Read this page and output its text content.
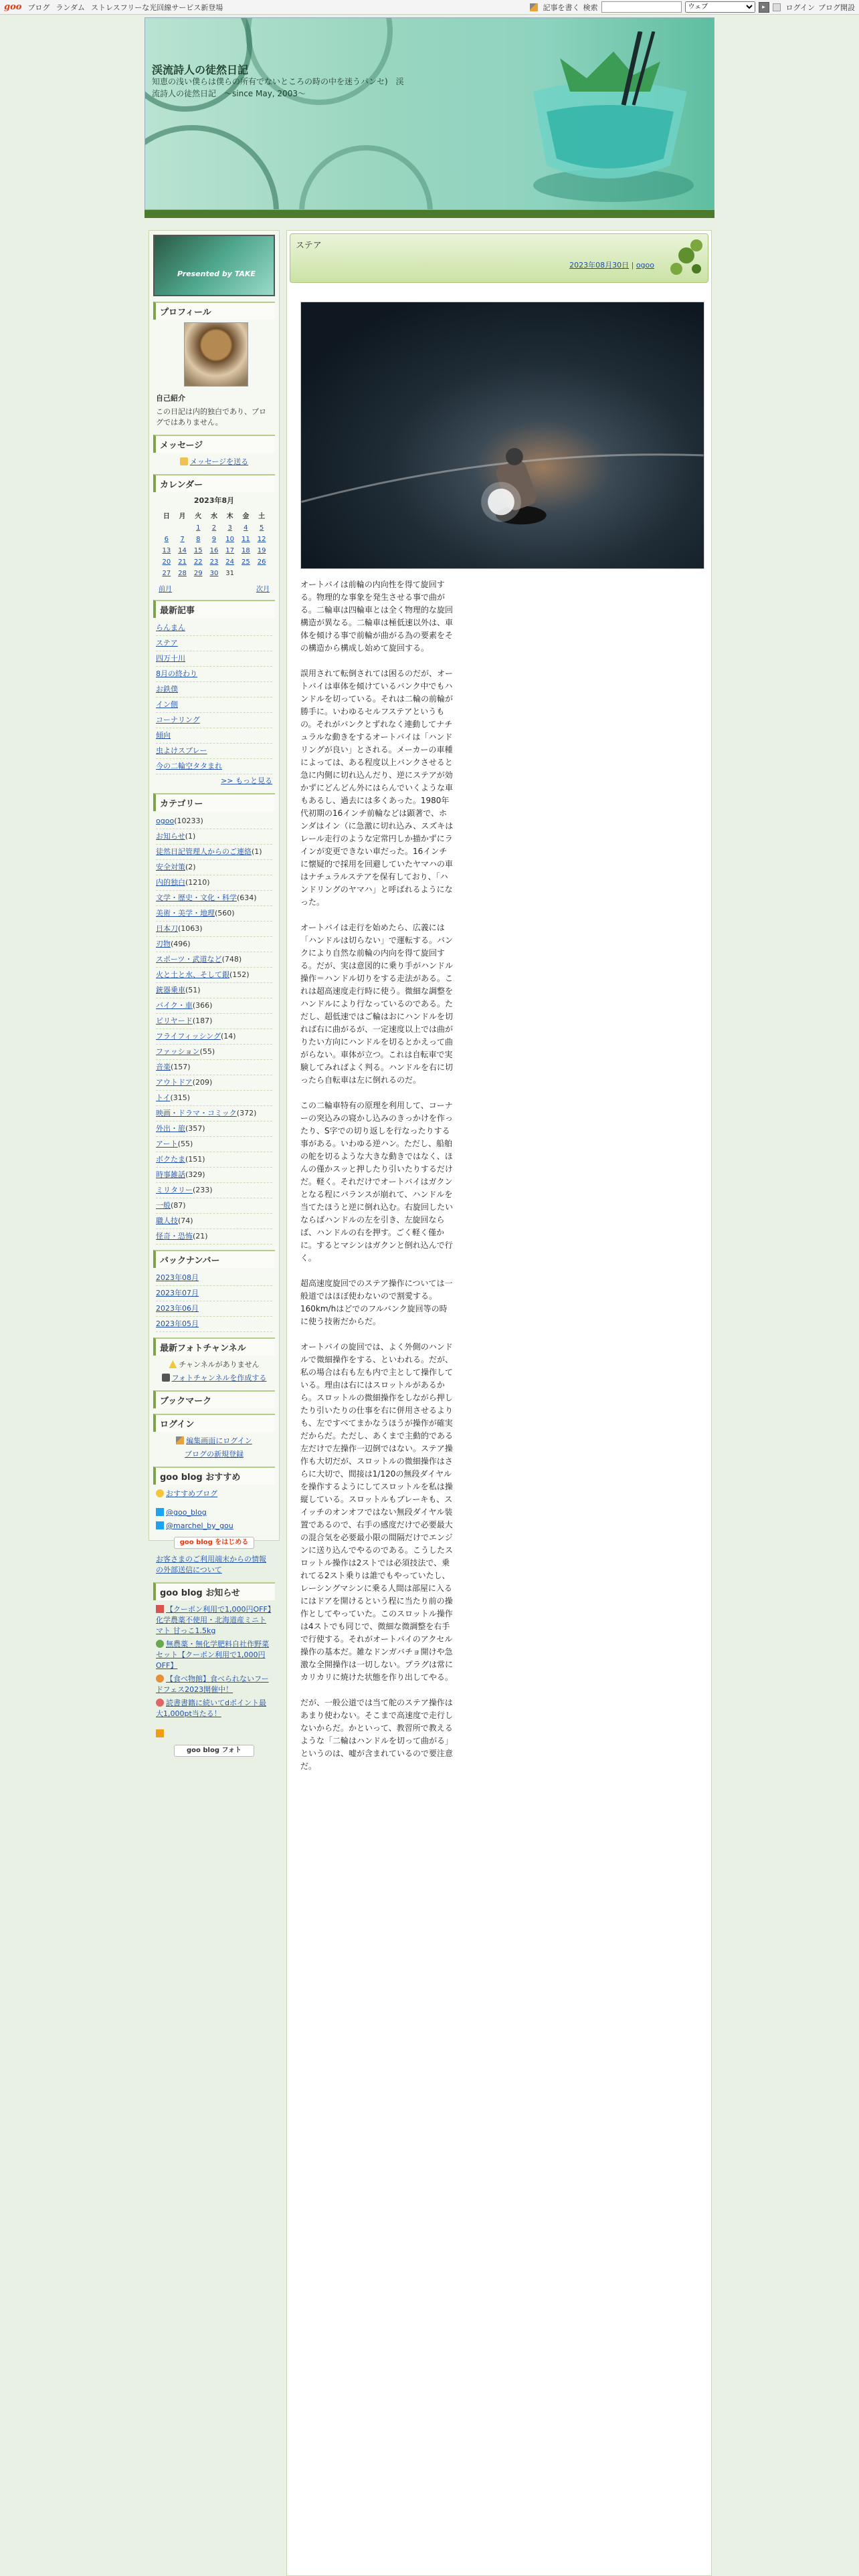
goo ブログ ランダム ストレスフリーな光回線サービス新登場	記事を書く 検索
ウェブ	▸	ログイン ブログ開設
渓流詩人の徒然日記
知恵の浅い僕らは僕らの所有でないところの時の中を迷うパンセ)　渓流詩人の徒然日記　〜since May, 2003〜
Presented by TAKE
プロフィール
自己紹介
この日記は内的独白であり、ブログではありません。
メッセージ
メッセージを送る
カレンダー
2023年8月
日	月	火	水	木	金	土
		1	2	3	4	5
6	7	8	9	10	11	12
13	14	15	16	17	18	19
20	21	22	23	24	25	26
27	28	29	30	31		
前月	次月
最新記事
らんまん
ステア
四万十川
8月の終わり
お鉄僕
イン側
コーナリング
傾向
虫よけスプレー
今の二輪空タタまれ
>> もっと見る
カテゴリー
ogoo(10233)
お知らせ(1)
徒然日記管理人からのご連絡(1)
安全対策(2)
内的独白(1210)
文学・歴史・文化・科学(634)
美術・美学・地理(560)
日本刀(1063)
刃物(496)
スポーツ・武道など(748)
火と土と水、そして銀(152)
銃器乗車(51)
バイク・車(366)
ビリヤード(187)
フライフィッシング(14)
ファッション(55)
音楽(157)
アウトドア(209)
トイ(315)
映画・ドラマ・コミック(372)
外出・旅(357)
アート(55)
ボクたま(151)
時事雑話(329)
ミリタリー(233)
一般(87)
職人技(74)
怪奇・恐怖(21)
バックナンバー
2023年08月
2023年07月
2023年06月
2023年05月
最新フォトチャンネル
チャンネルがありません
フォトチャンネルを作成する
ブックマーク
ログイン
編集画面にログイン
ブログの新規登録
goo blog おすすめ
おすすめブログ
@goo_blog
@marchel_by_gou
goo blog をはじめる
お客さまのご利用端末からの情報の外部送信について
goo blog お知らせ
【クーポン利用で1,000円OFF】化学農薬不使用・北海道産ミニトマト 甘っこ1.5kg
無農薬・無化学肥料自社作野菜セット【クーポン利用で1,000円OFF】
【食べ物館】食べられないフードフェス2023開催中！
読書書籍に続いてdポイント最大1,000pt当たる！
goo blog フォト
ステア
2023年08月30日 | ogoo

オートバイは前輪の内向性を得て旋回する。物理的な事象を発生させる事で曲がる。二輪車は四輪車とは全く物理的な旋回構造が異なる。二輪車は極低速以外は、車体を傾ける事で前輪が曲がる為の要素をその構造から構成し始めて旋回する。

誤用されて転倒されては困るのだが、オートバイは車体を傾けているバンク中でもハンドルを切っている。それは二輪の前輪が勝手に。いわゆるセルフステアというもの。それがバンクとずれなく連動してナチュラルな動きをするオートバイは「ハンドリングが良い」とされる。メーカーの車種によっては、ある程度以上バンクさせると急に内側に切れ込んだり、逆にステアが効かずにどんどん外にはらんでいくような車もあるし、過去には多くあった。1980年代初期の16インチ前輪などは顕著で、ホンダはイン（に急激に切れ込み、スズキはレール走行のような定常円しか描かずにラインが変更できない車だった。16インチに懐疑的で採用を回避していたヤマハの車はナチュラルステアを保有しており、「ハンドリングのヤマハ」と呼ばれるようになった。

オートバイは走行を始めたら、広義には「ハンドルは切らない」で運転する。バンクにより自然な前輪の内向を得て旋回する。だが、実は意図的に乗り手がハンドル操作＝ハンドル切りをする走法がある。これは超高速度走行時に使う。微細な調整をハンドルにより行なっているのである。ただし、超低速ではご輪はおにハンドルを切れば右に曲がるが、一定速度以上では曲がりたい方向にハンドルを切るとかえって曲がらない。車体が立つ。これは自転車で実験してみればよく判る。ハンドルを右に切ったら自転車は左に倒れるのだ。

この二輪車特有の原理を利用して、コーナーの突込みの寝かし込みのきっかけを作ったり、S字での切り返しを行なったりする事がある。いわゆる逆ハン。ただし、船舶の舵を切るような大きな動きではなく、ほんの僅かスッと押したり引いたりするだけだ。軽く。それだけでオートバイはガクンとなる程にバランスが崩れて、ハンドルを当てたほうと逆に倒れ込む。右旋回したいならばハンドルの左を引き、左旋回ならば、ハンドルの右を押す。ごく軽く僅かに。するとマシンはガクンと倒れ込んで行く。

超高速度旋回でのステア操作については一般道ではほぼ使わないので割愛する。160km/hはどでのフルバンク旋回等の時に使う技術だからだ。

オートバイの旋回では、よく外側のハンドルで微細操作をする、といわれる。だが、私の場合は右も左も内で主として操作している。理由は右にはスロットルがあるから。スロットルの微細操作をしながら押したり引いたりの仕事を右に併用させるよりも、左ですべてまかなうほうが操作が確実だからだ。ただし、あくまで主動的である左だけで左操作一辺倒ではない。ステア操作も大切だが、スロットルの微細操作はさらに大切で、間接は1/120の無段ダイヤルを操作するようにしてスロットルを私は操縦している。スロットルもブレーキも、スイッチのオンオフではない無段ダイヤル装置であるので、右手の感度だけで必要最大の混合気を必要最小限の間隔だけでエンジンに送り込んでやるのである。こうしたスロットル操作は2ストでは必須技法で、乗れてる2スト乗りは誰でもやっていたし、レーシングマシンに乗る人間は部屋に入るにはドアを開けるという程に当たり前の操作としてやっていた。このスロットル操作は4ストでも同じで、微細な微調整を右手で行使する。それがオートバイのアクセル操作の基本だ。雑なドンガバチョ開けや急激な全開操作は一切しない。プラグは常にカリカリに焼けた状態を作り出してやる。

だが、一般公道では当て舵のステア操作はあまり使わない。そこまで高速度で走行しないからだ。かといって、教習所で教えるような「二輪はハンドルを切って曲がる」というのは、嘘が含まれているので要注意だ。
